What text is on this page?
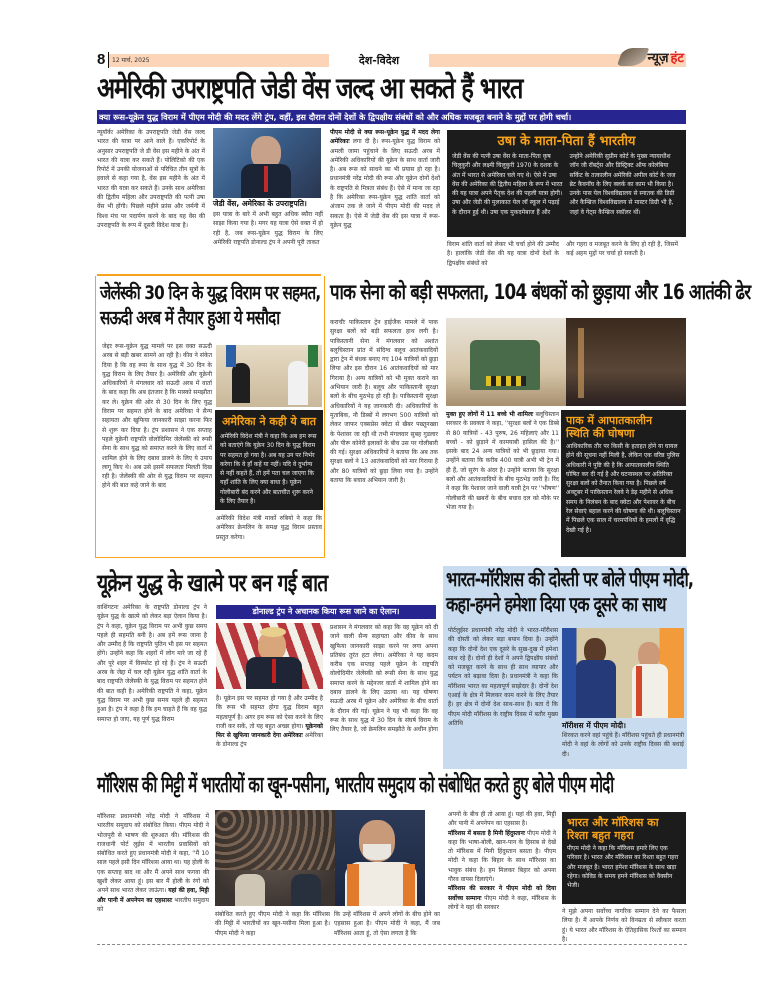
8	12 मार्च, 2025	देश-विदेश	न्यूज़ हंट
अमेरिकी उपराष्ट्रपति जेडी वेंस जल्द आ सकते हैं भारत
क्या रूस-यूक्रेन युद्ध विराम में पीएम मोदी की मदद लेंगे ट्रंप, वहीं, इस दौरान दोनों देशों के द्विपक्षीय संबंधों को और अधिक मजबूत बनाने के मुद्दों पर होगी चर्चा।
न्यूयॉर्कः अमेरिका के उपराष्ट्रपति जेडी वेंस जल्द भारत की यात्रा पर आने वाले हैं। एकरिपोर्ट के अनुसार उपराष्ट्रपति जे डी वेंस इस महीने के अंत में भारत की यात्रा कर सकते हैं। पोलिटिको की एक रिपोर्ट में उनकी योजनाओं से परिचित तीन सूत्रों के हवाले से कहा गया है, वेंस इस महीने के अंत में भारत की यात्रा कर सकते हैं। उनके साथ अमेरिका की द्वितीय महिला और उपराष्ट्रपति की पत्नी उषा वेंस भी होंगी। पिछले महीने फ्रांस और जर्मनी में विश्व मंच पर पदार्पण करने के बाद यह वेंस की उपराष्ट्रपति के रूप में दूसरी विदेश यात्रा है।
जेडी वेंस, अमेरिका के उपराष्ट्रपति।
इस यात्रा के बारे में अभी बहुत अधिक ब्यौरा नहीं साझा किया गया है। मगर यह यात्रा ऐसे वक्त में हो रही है, जब रूस-यूक्रेन युद्ध विराम के लिए अमेरिकी राष्ट्रपति डोनाल्ड ट्रंप ने अपनी पूरी ताकत
पीएम मोदी से क्या रूस-यूक्रेन युद्ध में मदद लेगा अमेरिकाः लगा दी है। रूस-यूक्रेन युद्ध विराम को अमली जामा पहुंचाने के लिए सऊदी अरब में अमेरिकी अधिकारियों की यूक्रेन के साथ वार्ता जारी है। अब रूस को साधने का भी प्रयास हो रहा है। प्रधानमंत्री नरेंद्र मोदी की रूस और यूक्रेन दोनों देशों के राष्ट्रपति से मित्रता संबंध हैं। ऐसे में माना जा रहा है कि अमेरिका रूस-यूक्रेन युद्ध शांति वार्ता को अंजाम तक ले जाने में पीएम मोदी की मदद ले सकता है। ऐसे में जेडी वेंस की इस यात्रा में रूस-यूक्रेन युद्ध
उषा के माता-पिता हैं भारतीय
जेडी वेंस की पत्नी उषा वेंस के माता-पिता कृष चिलुकुरी और लक्ष्मी चिलुकुरी 1970 के दशक के अंत में भारत से अमेरिका चले गए थे। ऐसे में उषा वेंस की अमेरिका की द्वितीय महिला के रूप में भारत की यह यात्रा अपने पैतृक देश की पहली यात्रा होगी। उषा और जेडी की मुलाकात येल लॉ स्कूल में पढ़ाई के दौरान हुई थी। उषा एक मुकदमेबाज हैं और
उन्होंने अमेरिकी सुप्रीम कोर्ट के मुख्य न्यायाधीश जॉन जी रॉबर्ट्स और डिस्ट्रिक्ट ऑफ कोलंबिया सर्किट के तत्कालीन अमेरिकी अपील कोर्ट के जज ब्रेट कैवनॉघ के लिए क्लर्क का काम भी किया है। उनके पास येल विश्वविद्यालय से स्नातक की डिग्री और कैम्ब्रिज विश्वविद्यालय से मास्टर डिग्री भी है, जहां वे गेट्स कैम्ब्रिज स्कॉलर थीं।
विराम शांति वार्ता को लेकर भी चर्चा होने की उम्मीद है। हालांकि जेडी वेंस की यह यात्रा दोनों देशों के द्विपक्षीय संबंधों को
और गहरा व मजबूत करने के लिए हो रही है, जिसमें कई अहम मुद्दों पर चर्चा हो सकती है।
जेलेंस्की 30 दिन के युद्ध विराम पर सहमत,
सऊदी अरब में तैयार हुआ ये मसौदा
जेद्दाः रूस-यूक्रेन युद्ध मामले पर इस वक्त सऊदी अरब से बड़ी खबर सामने आ रही है। कीव ने संकेत दिया है कि वह रूस के साथ युद्ध में 30 दिन के युद्ध विराम के लिए तैयार है। अमेरिकी और यूक्रेनी अधिकारियों ने मंगलवार को सऊदी अरब में वार्ता के बाद कहा कि अब इंतजार है कि मास्को समझौता कर ले। यूक्रेन की ओर से 30 दिन के लिए युद्ध विराम पर सहमत होने के बाद अमेरिका ने सैन्य सहायता और खुफिया जानकारी साझा करना फिर से शुरू कर दिया है। ट्रंप प्रशासन ने एक सप्ताह पहले यूक्रेनी राष्ट्रपति वोलोदिमिर जेलेंस्की को रूसी सेना के साथ युद्ध को समाप्त करने के लिए वार्ता में शामिल होने के लिए दबाव डालने के लिए ये उपाय लागू किए थे। अब उसे इसमें सफलता मिलती दिख रही है। जेलेंस्की की ओर से युद्ध विराम पर सहमत होने की बात कहे जाने के बाद
अमेरिका ने कही ये बात
अमेरिकी विदेश मंत्री ने कहा कि अब हम रूस को बताएंगे कि यूक्रेन 30 दिन के युद्ध विराम पर सहमत हो गया है। अब यह उन पर निर्भर करेगा कि वे हाँ कहें या नहीं। यदि वे दुर्भाग्य से नहीं कहते हैं, तो हमें पता चल जाएगा कि यहाँ शांति के लिए क्या बाधा है। यूक्रेन गोलीबारी बंद करने और बातचीत शुरू करने के लिए तैयार है।
अमेरिकी विदेश मंत्री मार्को रुबियो ने कहा कि अमेरिका क्रेमलिन के समक्ष युद्ध विराम प्रस्ताव प्रस्तुत करेगा।
पाक सेना को बड़ी सफलता, 104 बंधकों को छुड़ाया और 16 आतंकी ढेर
कराचीः पाकिस्तान ट्रेन हाईजैक मामले में पाक सुरक्षा बलों को बड़ी सफलता हाथ लगी है। पाकिस्तानी सेना ने मंगलवार को अशांत बलूचिस्तान प्रांत में संदिग्ध बलूच आतंकवादियों द्वारा ट्रेन में बंधक बनाए गए 104 यात्रियों को छुड़ा लिया और इस दौरान 16 आतंकवादियों को मार गिराया है। अन्य यात्रियों को भी मुक्त कराने का अभियान जारी है। बलूच और पाकिस्तानी सुरक्षा बलों के बीच मुठभेड़ हो रही है। पाकिस्तानी सुरक्षा अधिकारियों ने यह जानकारी दी। अधिकारियों के मुताबिक, नौ डिब्बों में लगभग 500 यात्रियों को लेकर जाफर एक्सप्रेस क्वेटा से खैबर पख्तूनख्वा के पेशावर जा रही थी तभी मंगलवार सुबह गुडलार और पीरू कोनेरी इलाकों के बीच उस पर गोलीबारी की गई। सुरक्षा अधिकारियों ने बताया कि अब तक सुरक्षा बलों ने 13 आतंकवादियों को मार गिराया है और 80 यात्रियों को छुड़ा लिया गया है। उन्होंने बताया कि बचाव अभियान जारी है।
मुक्त हुए लोगों में 11 बच्चे भी शामिलः बलूचिस्तान सरकार के प्रवक्ता ने कहा, ''सुरक्षा बलों ने एक डिब्बे से 80 यात्रियों - 43 पुरुष, 26 महिलाएं और 11 बच्चों - को छुड़ाने में कामयाबी हासिल की है।'' इसके बाद 24 अन्य यात्रियों को भी छुड़ाया गया। उन्होंने बताया कि करीब 400 यात्री अभी भी ट्रेन में ही हैं, जो सुरंग के अंदर है। उन्होंने बताया कि सुरक्षा बलों और आतंकवादियों के बीच मुठभेड़ जारी है। रिंद ने कहा कि पेशावर जाने वाली यात्री ट्रेन पर ''भीषण'' गोलीबारी की खबरों के बीच बचाव दल को मौके पर भेजा गया है।
पाक में आपातकालीन
स्थिति की घोषणा
आधिकारिक तौर पर किसी के हताहत होने या घायल होने की सूचना नहीं मिली है, लेकिन एक वरिष्ठ पुलिस अधिकारी ने पुष्टि की है कि आपातकालीन स्थिति घोषित कर दी गई है और घटनास्थल पर अतिरिक्त सुरक्षा बलों को तैनात किया गया है। पिछले वर्ष अक्टूबर में पाकिस्तान रेलवे ने डेढ़ महीने से अधिक समय के निलंबन के बाद क्वेटा और पेशावर के बीच रेल सेवाएं बहाल करने की घोषणा की थी। बलूचिस्तान में पिछले एक साल में चरमपंथियों के हमलों में वृद्धि देखी गई है।
यूक्रेन युद्ध के खात्मे पर बन गई बात
वाशिंगटनः अमेरिका के राष्ट्रपति डोनाल्ड ट्रंप ने यूक्रेन युद्ध के खात्मे को लेकर बड़ा ऐलान किया है। ट्रंप ने कहा, यूक्रेन युद्ध विराम पर अभी कुछ समय पहले ही सहमति बनी है। अब हमें रूस जाना है और उम्मीद है कि राष्ट्रपति पुतिन भी इस पर सहमत होंगे। उन्होंने कहा कि शहरों में लोग मारे जा रहे हैं और पूरे शहर में विस्फोट हो रहे हैं। ट्रंप ने सऊदी अरब के जेद्दा में चल रही यूक्रेन युद्ध शांति वार्ता के बाद राष्ट्रपति जेलेंस्की के युद्ध विराम पर सहमत होने की बात कही है। अमेरिकी राष्ट्रपति ने कहा, यूक्रेन युद्ध विराम पर अभी कुछ समय पहले ही सहमत हुआ है। ट्रंप ने कहा है कि हम चाहते हैं कि वह युद्ध समाप्त हो जाए, यह पूर्ण युद्ध विराम
डोनाल्ड ट्रंप ने अचानक किया रूस जाने का ऐलान।
है। यूक्रेन इस पर सहमत हो गया है और उम्मीद है कि रूस भी सहमत होगा युद्ध विराम बहुत महत्वपूर्ण है। अगर हम रूस को ऐसा करने के लिए राजी कर सकें, तो यह बहुत अच्छा होगा। यूक्रेनको फिर से खुफिया जानकारी देगा अमेरिकाः अमेरिका के डोनाल्ड ट्रंप
प्रशासन ने मंगलवार को कहा कि वह यूक्रेन को दी जाने वाली सैन्य सहायता और कीव के साथ खुफिया जानकारी साझा करने पर लगा अपना प्रतिबंध तुरंत हटा लेगा। अमेरिका ने यह कदम करीब एक सप्ताह पहले यूक्रेन के राष्ट्रपति वोलोदिमीर जेलेंस्की को रूसी सेना के साथ युद्ध समाप्त करने के मद्देनजर वार्ता में शामिल होने का दबाव डालने के लिए उठाया था। यह घोषणा सऊदी अरब में यूक्रेन और अमेरिका के बीच वार्ता के दौरान की गई। यूक्रेन ने यह भी कहा कि वह रूस के साथ युद्ध में 30 दिन के संघर्ष विराम के लिए तैयार है, जो क्रेमलिन समझौते के अधीन होगा
भारत-मॉरीशस की दोस्ती पर बोले पीएम मोदी,
कहा-हमने हमेशा दिया एक दूसरे का साथ
पोर्टलुईसः प्रधानमंत्री नरेंद्र मोदी ने भारत-मॉरीशस की दोस्ती को लेकर बड़ा बयान दिया है। उन्होंने कहा कि दोनों देश एक दूसरे के सुख-दुख में हमेशा साथ रहे हैं। दोनों ही देशों ने अपने द्विपक्षीय संबंधों को मजबूत करने के साथ ही साथ व्यापार और पर्यटन को बढ़ावा दिया है। प्रधानमंत्री ने कहा कि मॉरीशस भारत का महत्वपूर्ण साझेदार है। दोनों देश एआई के क्षेत्र में मिलकर काम करने के लिए तैयार हैं। हर क्षेत्र में दोनों देश साथ-साथ हैं। बता दें कि पीएम मोदी मॉरीशस के राष्ट्रीय दिवस में बतौर मुख्य अतिथि	मॉरीशस में पीएम मोदी।
शिरकत करने वहां पहुंचे हैं। मॉरीशस पहुंचते ही प्रधानमंत्री मोदी ने वहां के लोगों को उनके राष्ट्रीय दिवस की बधाई दी।
मॉरिशस की मिट्टी में भारतीयों का खून-पसीना, भारतीय समुदाय को संबोधित करते हुए बोले पीएम मोदी
मॉरिशसः प्रधानमंत्री नरेंद्र मोदी ने मॉरिशस में भारतीय समुदाय को संबोधित किया। पीएम मोदी ने भोजपुरी से भाषण की शुरुआत की। मॉरिशस की राजधानी पोर्ट लुईस में भारतीय प्रवासियों को संबोधित करते हुए प्रधानमंत्री मोदी ने कहा, ''मैं 10 साल पहले इसी दिन मॉरिशस आया था। यह होली के एक सप्ताह बाद था और मैं अपने साथ फगवा की खुशी लेकर आया हूं। इस बार मैं होली के रंगों को अपने साथ भारत लेकर जाऊंगा। यहां की हवा, मिट्टी और पानी में अपनेपन का एहसासः भारतीय समुदाय को
संबोधित करते हुए पीएम मोदी ने कहा कि मॉरिशस की मिट्टी में भारतीयों का खून-पसीना मिला हुआ है। पीएम मोदी ने कहा
कि उन्हें मॉरिशस में अपने लोगों के बीच होने का एहसास हुआ है। पीएम मोदी ने कहा, मैं जब मॉरिशस आता हूं, तो ऐसा लगता है कि
अपनों के बीच ही तो आया हूं। यहां की हवा, मिट्टी और पानी में अपनेपन का एहसास है।
मॉरिशस में बसता है मिनी हिंदुस्तानः पीएम मोदी ने कहा कि भाषा-बोली, खान-पान के हिसाब से देखें तो मॉरिशस में मिनी हिंदुस्तान बसता है। पीएम मोदी ने कहा कि बिहार के साथ मॉरिशस का भावुक संबंध है। हम मिलकर बिहार को अपना गौरव वापस दिलाएंगे।
मॉरिशस की सरकार ने पीएम मोदी को दिया सर्वोच्च सम्मानः पीएम मोदी ने कहा, मॉरिशस के लोगों ने यहां की सरकार
भारत और मॉरिशस का
रिश्ता बहुत गहरा
पीएम मोदी ने कहा कि मॉरिशस हमारे लिए एक परिवार है। भारत और मॉरिशस का रिश्ता बहुत गहरा और मजबूत है। भारत हमेशा मॉरिशस के साथ खड़ा रहेगा। कोविड के समय हमने मॉरिशस को वैक्सीन भेजी।
ने मुझे अपना सर्वोच्च नागरिक सम्मान देने का फैसला लिया है। मैं आपके निर्णय को विनम्रता से स्वीकार करता हूं। ये भारत और मॉरिशस के ऐतिहासिक रिश्तों का सम्मान है।
